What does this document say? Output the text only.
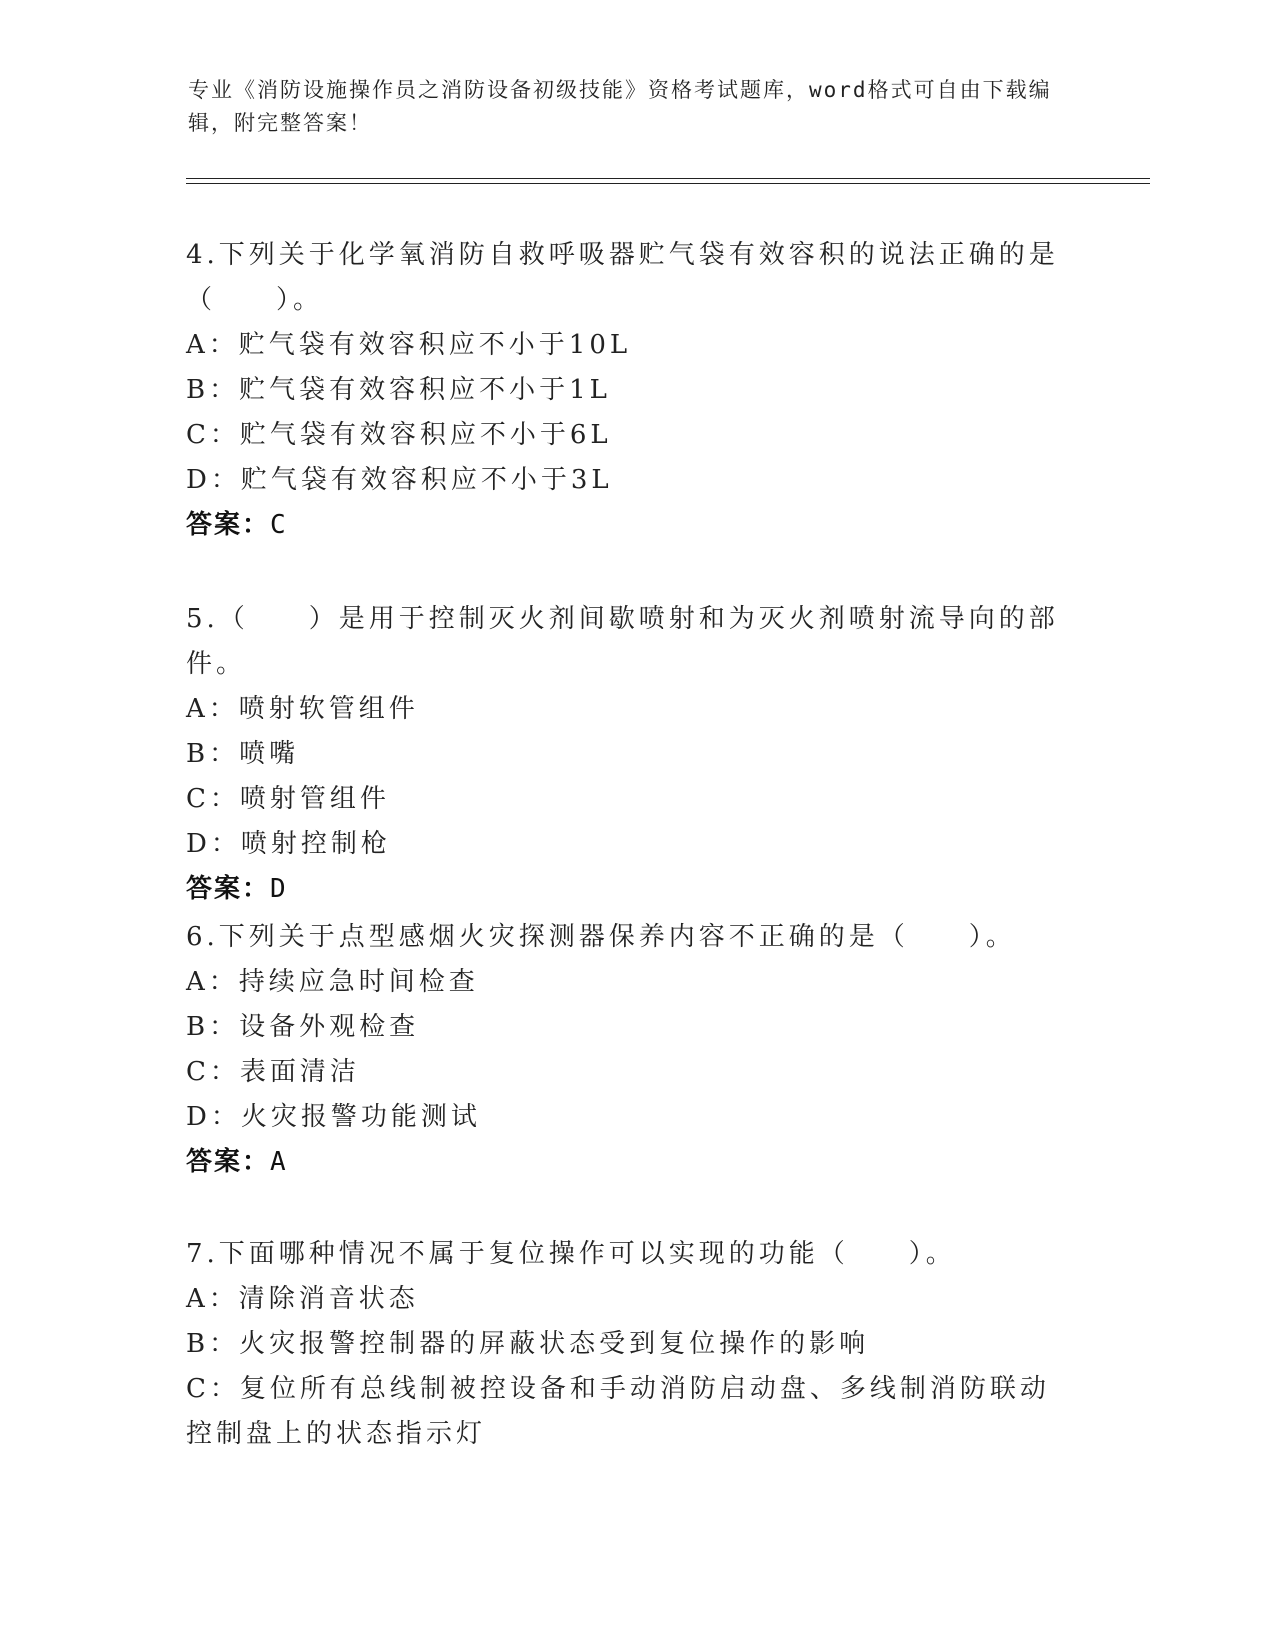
专业《消防设施操作员之消防设备初级技能》资格考试题库，word格式可自由下载编辑，附完整答案！

4.下列关于化学氧消防自救呼吸器贮气袋有效容积的说法正确的是（　　）。

A：贮气袋有效容积应不小于10L

B：贮气袋有效容积应不小于1L

C：贮气袋有效容积应不小于6L

D：贮气袋有效容积应不小于3L

答案：C

5.（　　）是用于控制灭火剂间歇喷射和为灭火剂喷射流导向的部件。

A：喷射软管组件

B：喷嘴

C：喷射管组件

D：喷射控制枪

答案：D

6.下列关于点型感烟火灾探测器保养内容不正确的是（　　）。

A：持续应急时间检查

B：设备外观检查

C：表面清洁

D：火灾报警功能测试

答案：A

7.下面哪种情况不属于复位操作可以实现的功能（　　）。

A：清除消音状态

B：火灾报警控制器的屏蔽状态受到复位操作的影响

C：复位所有总线制被控设备和手动消防启动盘、多线制消防联动控制盘上的状态指示灯
